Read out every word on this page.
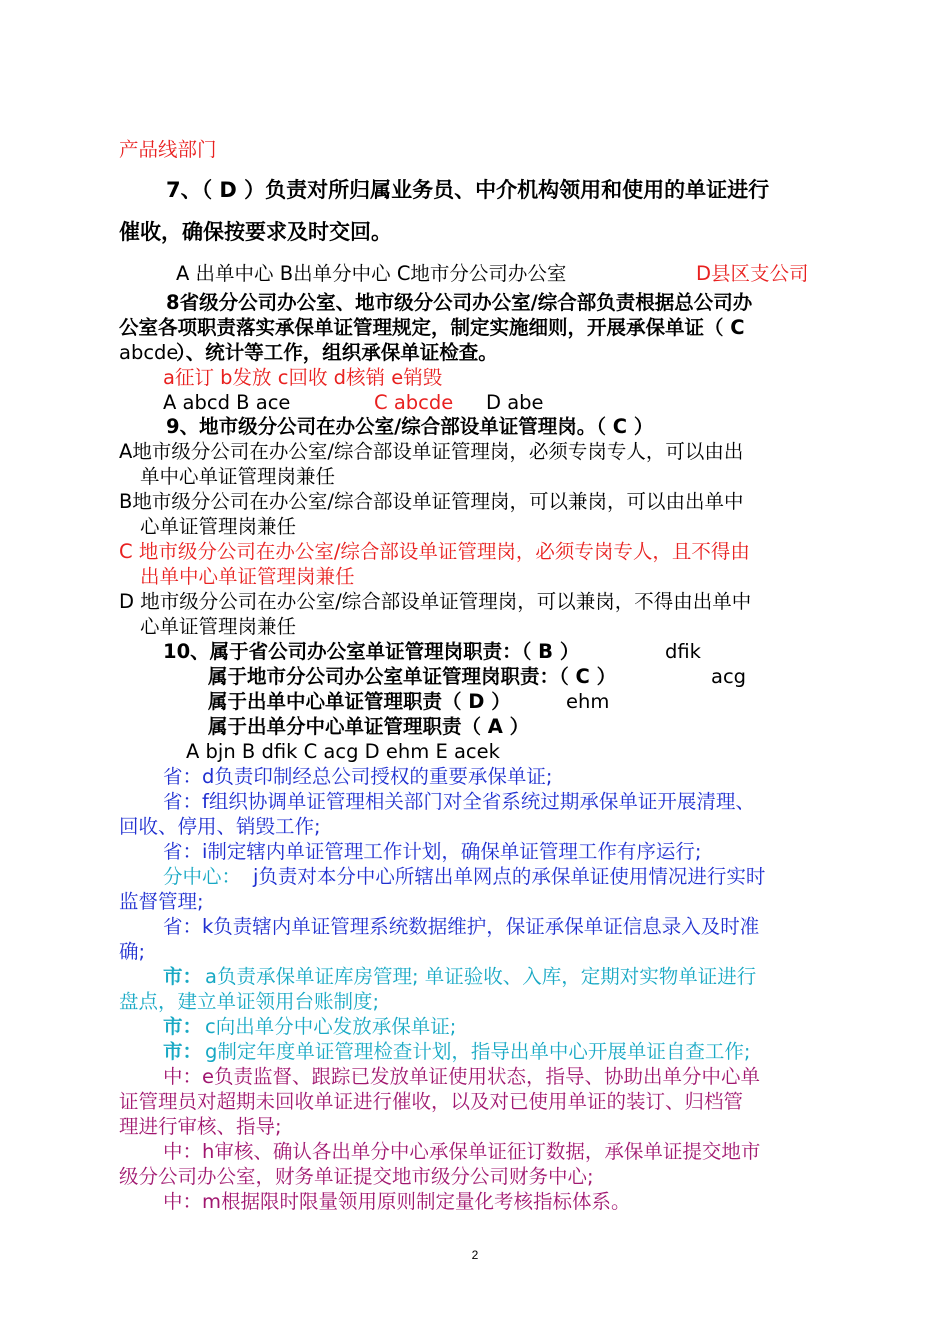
产品线部门
7、（ D ）负责对所归属业务员、中介机构领用和使用的单证进行
催收，确保按要求及时交回。
A 出单中心 B出单分中心 C地市分公司办公室	D县区支公司
8省级分公司办公室、地市级分公司办公室/综合部负责根据总公司办
公室各项职责落实承保单证管理规定，制定实施细则，开展承保单证（ C
abcde
）、统计等工作，组织承保单证检查。
a征订 b发放 c回收 d核销 e销毁
A abcd B ace	C abcde D abe
9、地市级分公司在办公室/综合部设单证管理岗。（ C ）
A地市级分公司在办公室/综合部设单证管理岗，必须专岗专人，可以由出
单中心单证管理岗兼任
B地市级分公司在办公室/综合部设单证管理岗，可以兼岗，可以由出单中
心单证管理岗兼任
C 地市级分公司在办公室/综合部设单证管理岗，必须专岗专人，且不得由
出单中心单证管理岗兼任
D 地市级分公司在办公室/综合部设单证管理岗，可以兼岗，不得由出单中
心单证管理岗兼任
10、属于省公司办公室单证管理岗职责：（ B ）	dfik
属于地市分公司办公室单证管理岗职责：（ C ）	acg
属于出单中心单证管理职责（ D ）	ehm
属于出单分中心单证管理职责（ A ）
A bjn B dfik C acg D ehm E acek
省：d负责印制经总公司授权的重要承保单证;
省：f组织协调单证管理相关部门对全省系统过期承保单证开展清理、
回收、停用、销毁工作;
省：i制定辖内单证管理工作计划，确保单证管理工作有序运行;
分中心： j负责对本分中心所辖出单网点的承保单证使用情况进行实时
监督管理;
省：k负责辖内单证管理系统数据维护，保证承保单证信息录入及时准
确;
市： a负责承保单证库房管理; 单证验收、入库，定期对实物单证进行
盘点，建立单证领用台账制度;
市： c向出单分中心发放承保单证;
市： g制定年度单证管理检查计划，指导出单中心开展单证自查工作;
中：e负责监督、跟踪已发放单证使用状态，指导、协助出单分中心单
证管理员对超期未回收单证进行催收，以及对已使用单证的装订、归档管
理进行审核、指导;
中：h审核、确认各出单分中心承保单证征订数据，承保单证提交地市
级分公司办公室，财务单证提交地市级分公司财务中心;
中：m根据限时限量领用原则制定量化考核指标体系。
2
